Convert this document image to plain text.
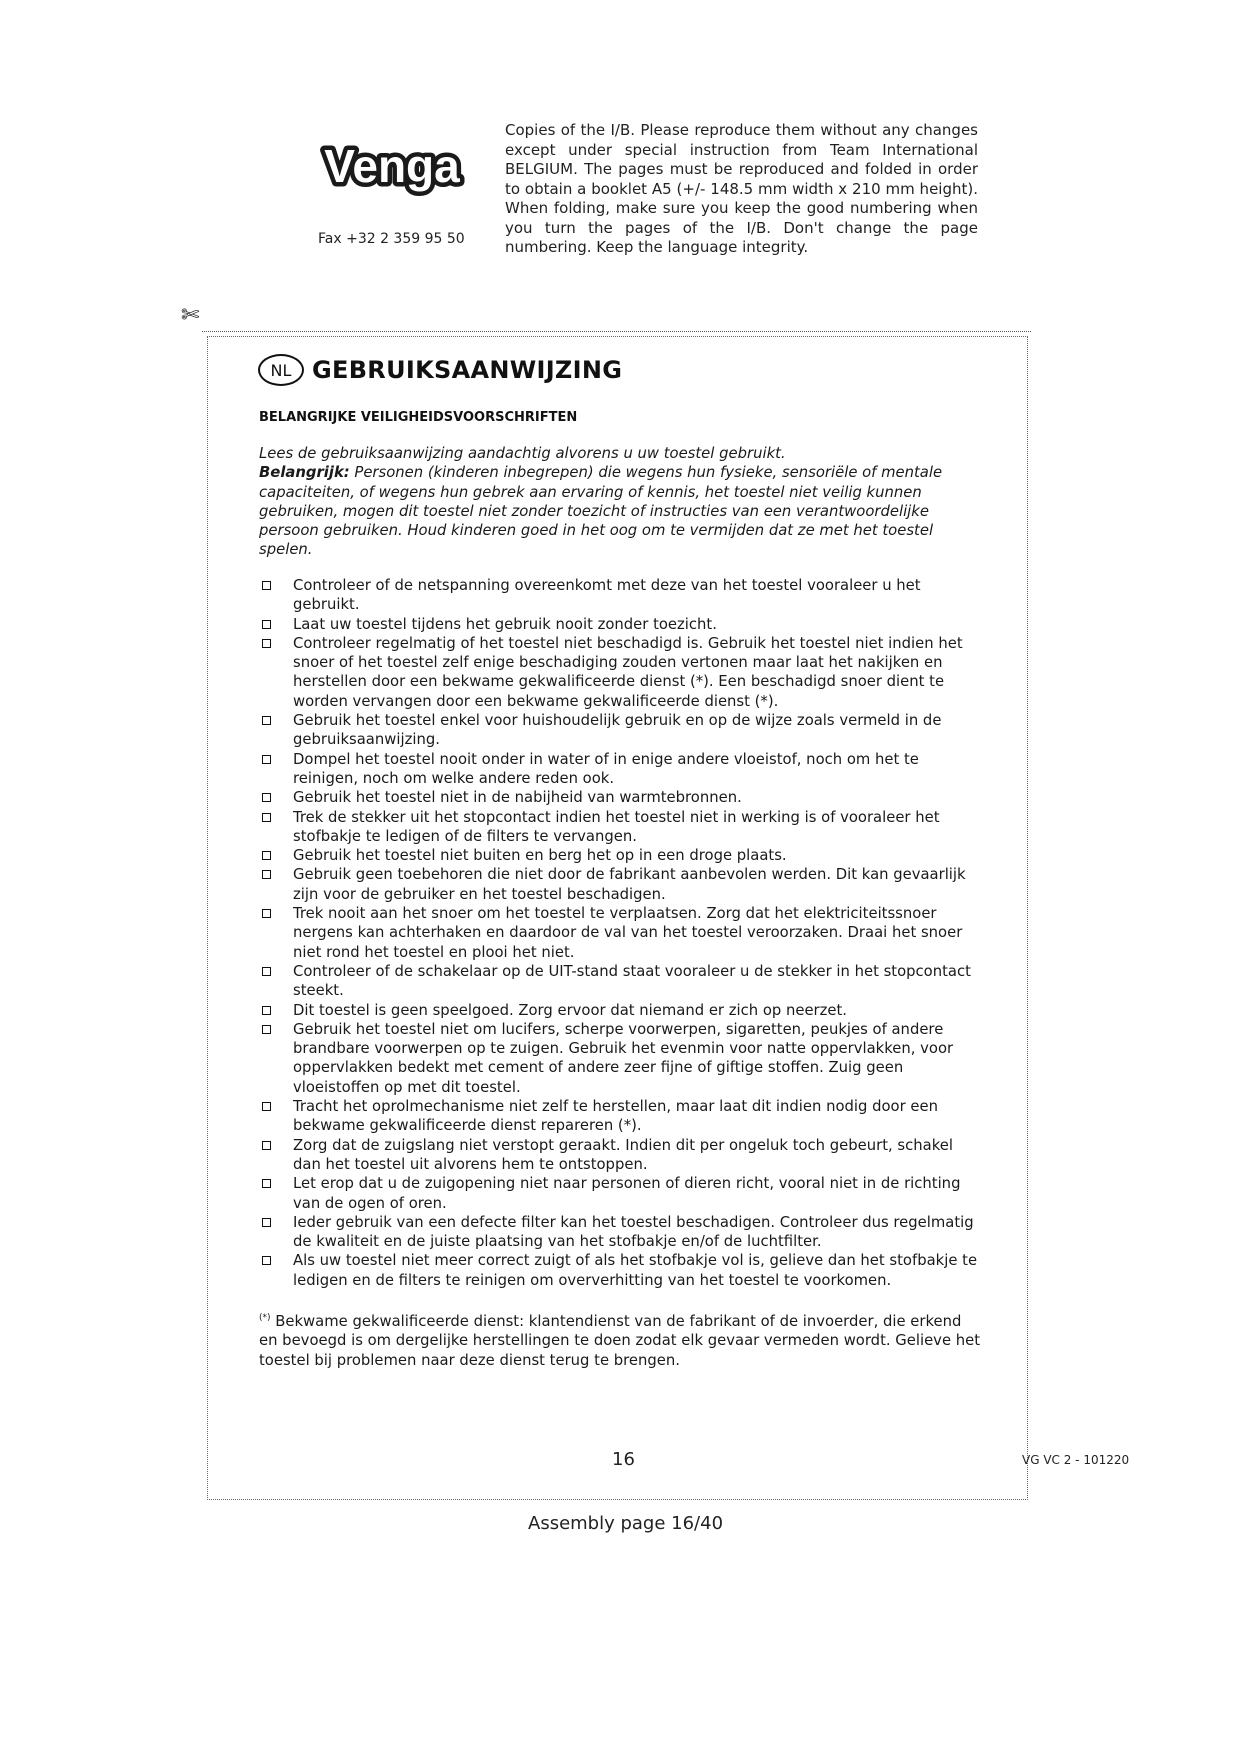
Venga
Fax +32 2 359 95 50
Copies of the I/B. Please reproduce them without any changes except under special instruction from Team International BELGIUM. The pages must be reproduced and folded in order to obtain a booklet A5 (+/- 148.5 mm width x 210 mm height). When folding, make sure you keep the good numbering when you turn the pages of the I/B. Don't change the page numbering. Keep the language integrity.
✄
NL GEBRUIKSAANWIJZING
BELANGRIJKE VEILIGHEIDSVOORSCHRIFTEN

Lees de gebruiksaanwijzing aandachtig alvorens u uw toestel gebruikt.

Belangrijk: Personen (kinderen inbegrepen) die wegens hun fysieke, sensoriële of mentale capaciteiten, of wegens hun gebrek aan ervaring of kennis, het toestel niet veilig kunnen gebruiken, mogen dit toestel niet zonder toezicht of instructies van een verantwoordelijke persoon gebruiken. Houd kinderen goed in het oog om te vermijden dat ze met het toestel spelen.

Controleer of de netspanning overeenkomt met deze van het toestel vooraleer u het gebruikt.
Laat uw toestel tijdens het gebruik nooit zonder toezicht.
Controleer regelmatig of het toestel niet beschadigd is. Gebruik het toestel niet indien het snoer of het toestel zelf enige beschadiging zouden vertonen maar laat het nakijken en herstellen door een bekwame gekwalificeerde dienst (*). Een beschadigd snoer dient te worden vervangen door een bekwame gekwalificeerde dienst (*).
Gebruik het toestel enkel voor huishoudelijk gebruik en op de wijze zoals vermeld in de gebruiksaanwijzing.
Dompel het toestel nooit onder in water of in enige andere vloeistof, noch om het te reinigen, noch om welke andere reden ook.
Gebruik het toestel niet in de nabijheid van warmtebronnen.
Trek de stekker uit het stopcontact indien het toestel niet in werking is of vooraleer het stofbakje te ledigen of de filters te vervangen.
Gebruik het toestel niet buiten en berg het op in een droge plaats.
Gebruik geen toebehoren die niet door de fabrikant aanbevolen werden. Dit kan gevaarlijk zijn voor de gebruiker en het toestel beschadigen.
Trek nooit aan het snoer om het toestel te verplaatsen. Zorg dat het elektriciteitssnoer nergens kan achterhaken en daardoor de val van het toestel veroorzaken. Draai het snoer niet rond het toestel en plooi het niet.
Controleer of de schakelaar op de UIT-stand staat vooraleer u de stekker in het stopcontact steekt.
Dit toestel is geen speelgoed. Zorg ervoor dat niemand er zich op neerzet.
Gebruik het toestel niet om lucifers, scherpe voorwerpen, sigaretten, peukjes of andere brandbare voorwerpen op te zuigen. Gebruik het evenmin voor natte oppervlakken, voor oppervlakken bedekt met cement of andere zeer fijne of giftige stoffen. Zuig geen vloeistoffen op met dit toestel.
Tracht het oprolmechanisme niet zelf te herstellen, maar laat dit indien nodig door een bekwame gekwalificeerde dienst repareren (*).
Zorg dat de zuigslang niet verstopt geraakt. Indien dit per ongeluk toch gebeurt, schakel dan het toestel uit alvorens hem te ontstoppen.
Let erop dat u de zuigopening niet naar personen of dieren richt, vooral niet in de richting van de ogen of oren.
Ieder gebruik van een defecte filter kan het toestel beschadigen. Controleer dus regelmatig de kwaliteit en de juiste plaatsing van het stofbakje en/of de luchtfilter.
Als uw toestel niet meer correct zuigt of als het stofbakje vol is, gelieve dan het stofbakje te ledigen en de filters te reinigen om oververhitting van het toestel te voorkomen.
(*) Bekwame gekwalificeerde dienst: klantendienst van de fabrikant of de invoerder, die erkend en bevoegd is om dergelijke herstellingen te doen zodat elk gevaar vermeden wordt. Gelieve het toestel bij problemen naar deze dienst terug te brengen.
16	VG VC 2 - 101220
Assembly page 16/40
